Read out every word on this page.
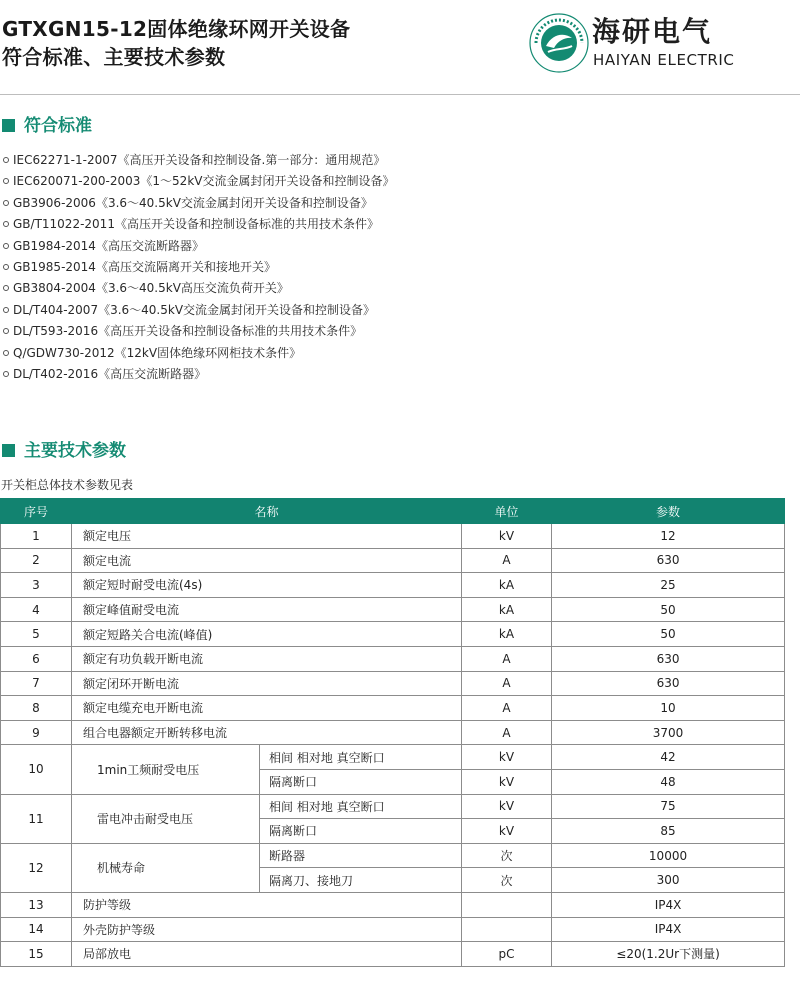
GTXGN15-12固体绝缘环网开关设备
符合标准、主要技术参数
海研电气
HAIYAN ELECTRIC
符合标准
IEC62271-1-2007《高压开关设备和控制设备.第一部分：通用规范》
IEC620071-200-2003《1～52kV交流金属封闭开关设备和控制设备》
GB3906-2006《3.6～40.5kV交流金属封闭开关设备和控制设备》
GB/T11022-2011《高压开关设备和控制设备标准的共用技术条件》
GB1984-2014《高压交流断路器》
GB1985-2014《高压交流隔离开关和接地开关》
GB3804-2004《3.6～40.5kV高压交流负荷开关》
DL/T404-2007《3.6～40.5kV交流金属封闭开关设备和控制设备》
DL/T593-2016《高压开关设备和控制设备标准的共用技术条件》
Q/GDW730-2012《12kV固体绝缘环网柜技术条件》
DL/T402-2016《高压交流断路器》
主要技术参数
开关柜总体技术参数见表
序号	名称		单位	参数
1	额定电压		kV	12
2	额定电流		A	630
3	额定短时耐受电流(4s)		kA	25
4	额定峰值耐受电流		kA	50
5	额定短路关合电流(峰值)		kA	50
6	额定有功负载开断电流		A	630
7	额定闭环开断电流		A	630
8	额定电缆充电开断电流		A	10
9	组合电器额定开断转移电流		A	3700
10	1min工频耐受电压	相间 相对地 真空断口	kV	42
		隔离断口	kV	48
11	雷电冲击耐受电压	相间 相对地 真空断口	kV	75
		隔离断口	kV	85
12	机械寿命	断路器	次	10000
		隔离刀、接地刀	次	300
13	防护等级			IP4X
14	外壳防护等级			IP4X
15	局部放电		pC	≤20(1.2Ur下测量)
